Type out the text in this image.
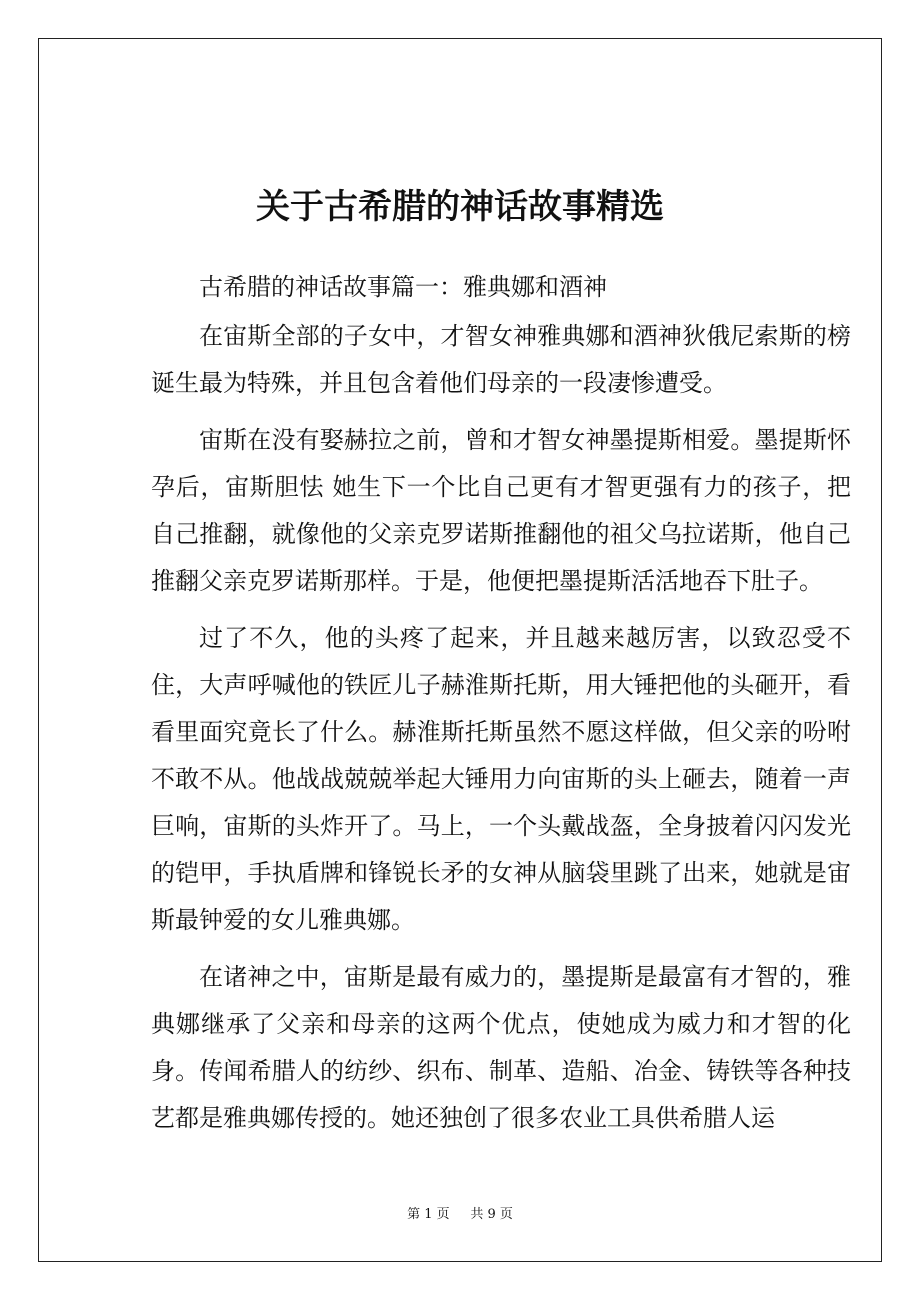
关于古希腊的神话故事精选

古希腊的神话故事篇一：雅典娜和酒神

在宙斯全部的子女中，才智女神雅典娜和酒神狄俄尼索斯的榜 诞生最为特殊，并且包含着他们母亲的一段凄惨遭受。

宙斯在没有娶赫拉之前，曾和才智女神墨提斯相爱。墨提斯怀孕后，宙斯胆怯 她生下一个比自己更有才智更强有力的孩子，把自己推翻，就像他的父亲克罗诺斯推翻他的祖父乌拉诺斯，他自己推翻父亲克罗诺斯那样。于是，他便把墨提斯活活地吞下肚子。

过了不久，他的头疼了起来，并且越来越厉害，以致忍受不住，大声呼喊他的铁匠儿子赫淮斯托斯，用大锤把他的头砸开，看看里面究竟长了什么。赫淮斯托斯虽然不愿这样做，但父亲的吩咐不敢不从。他战战兢兢举起大锤用力向宙斯的头上砸去，随着一声巨响，宙斯的头炸开了。马上，一个头戴战盔，全身披着闪闪发光的铠甲，手执盾牌和锋锐长矛的女神从脑袋里跳了出来，她就是宙斯最钟爱的女儿雅典娜。

在诸神之中，宙斯是最有威力的，墨提斯是最富有才智的，雅典娜继承了父亲和母亲的这两个优点，使她成为威力和才智的化身。传闻希腊人的纺纱、织布、制革、造船、冶金、铸铁等各种技艺都是雅典娜传授的。她还独创了很多农业工具供希腊人运

第 1 页 共 9 页
